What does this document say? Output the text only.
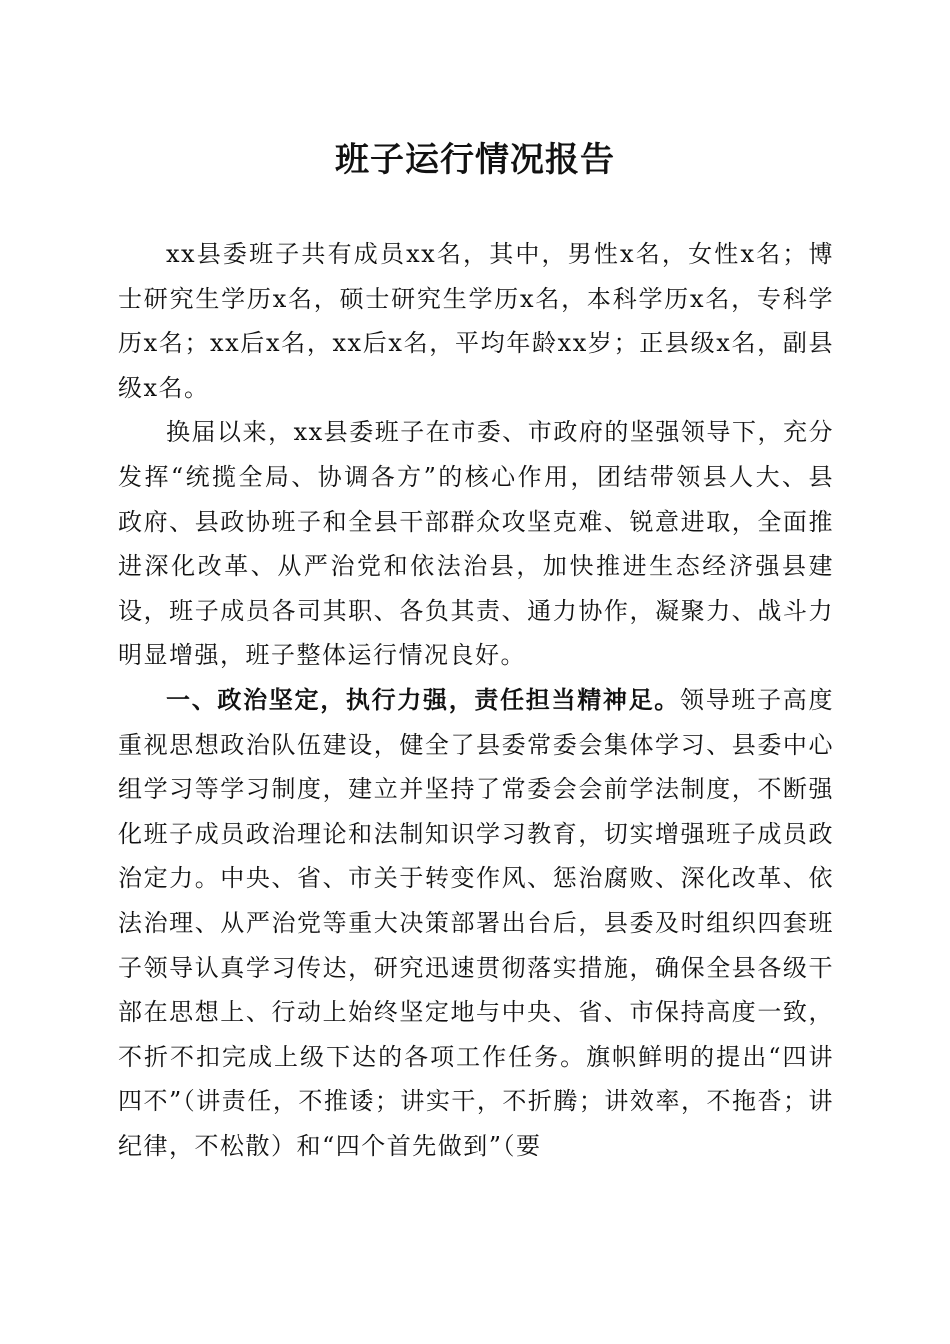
班子运行情况报告

xx县委班子共有成员xx名，其中，男性x名，女性x名；博士研究生学历x名，硕士研究生学历x名，本科学历x名，专科学历x名；xx后x名，xx后x名，平均年龄xx岁；正县级x名，副县级x名。

换届以来，xx县委班子在市委、市政府的坚强领导下，充分发挥“统揽全局、协调各方”的核心作用，团结带领县人大、县政府、县政协班子和全县干部群众攻坚克难、锐意进取，全面推进深化改革、从严治党和依法治县，加快推进生态经济强县建设，班子成员各司其职、各负其责、通力协作，凝聚力、战斗力明显增强，班子整体运行情况良好。

一、政治坚定，执行力强，责任担当精神足。领导班子高度重视思想政治队伍建设，健全了县委常委会集体学习、县委中心组学习等学习制度，建立并坚持了常委会会前学法制度，不断强化班子成员政治理论和法制知识学习教育，切实增强班子成员政治定力。中央、省、市关于转变作风、惩治腐败、深化改革、依法治理、从严治党等重大决策部署出台后，县委及时组织四套班子领导认真学习传达，研究迅速贯彻落实措施，确保全县各级干部在思想上、行动上始终坚定地与中央、省、市保持高度一致，不折不扣完成上级下达的各项工作任务。旗帜鲜明的提出“四讲四不”（讲责任，不推诿；讲实干，不折腾；讲效率，不拖沓；讲纪律，不松散）和“四个首先做到”（要
